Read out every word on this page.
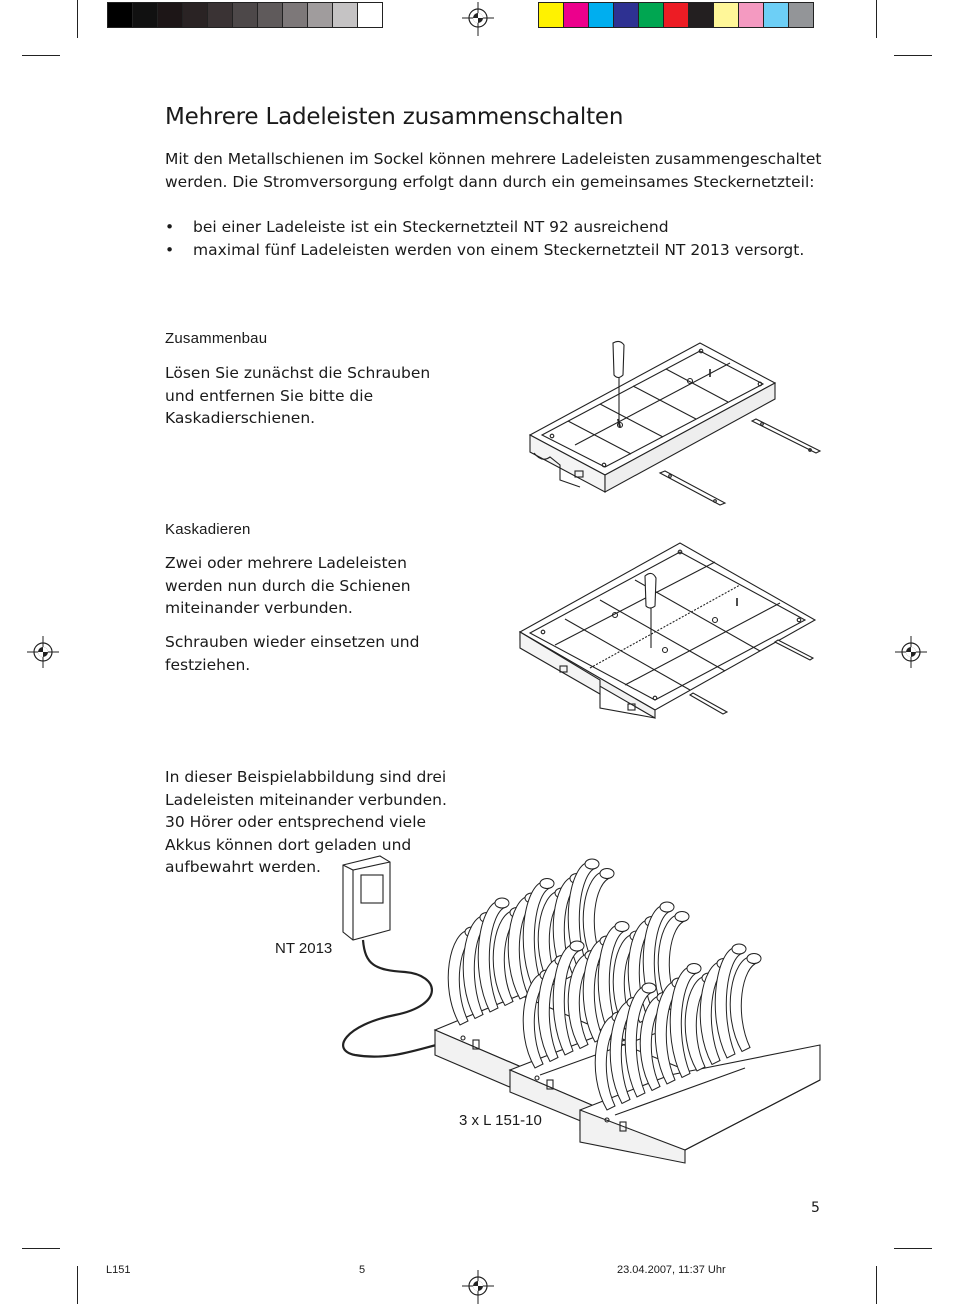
Mehrere Ladeleisten zusammenschalten

Mit den Metallschienen im Sockel können mehrere Ladeleisten zusammengeschaltet werden. Die Stromversorgung erfolgt dann durch ein gemeinsames Steckernetzteil:

• bei einer Ladeleiste ist ein Steckernetzteil NT 92 ausreichend
• maximal fünf Ladeleisten werden von einem Steckernetzteil NT 2013 versorgt.
Zusammenbau

Lösen Sie zunächst die Schrauben und entfernen Sie bitte die Kaskadierschienen.

Kaskadieren

Zwei oder mehrere Ladeleisten werden nun durch die Schienen miteinander verbunden.

Schrauben wieder einsetzen und festziehen.

In dieser Beispielabbildung sind drei Ladeleisten miteinander verbunden. 30 Hörer oder entsprechend viele Akkus können dort geladen und aufbewahrt werden.

NT 2013
3 x L 151-10
5
L151	5	23.04.2007, 11:37 Uhr
